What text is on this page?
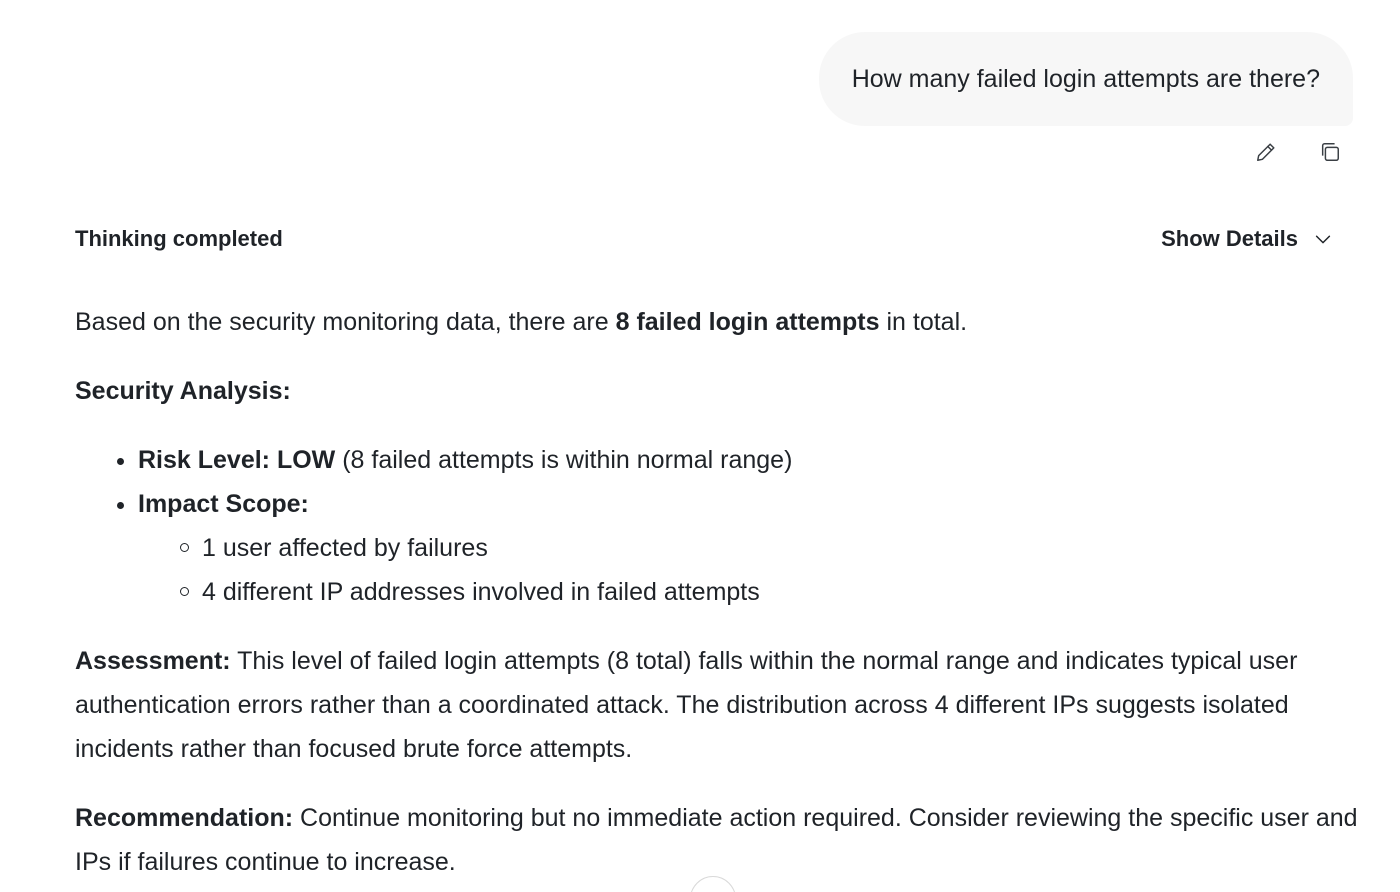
How many failed login attempts are there?
Thinking completed	Show Details

Based on the security monitoring data, there are 8 failed login attempts in total.

Security Analysis:

• Risk Level: LOW (8 failed attempts is within normal range)
• Impact Scope:
1 user affected by failures
4 different IP addresses involved in failed attempts

Assessment: This level of failed login attempts (8 total) falls within the normal range and indicates typical user authentication errors rather than a coordinated attack. The distribution across 4 different IPs suggests isolated incidents rather than focused brute force attempts.

Recommendation: Continue monitoring but no immediate action required. Consider reviewing the specific user and IPs if failures continue to increase.
